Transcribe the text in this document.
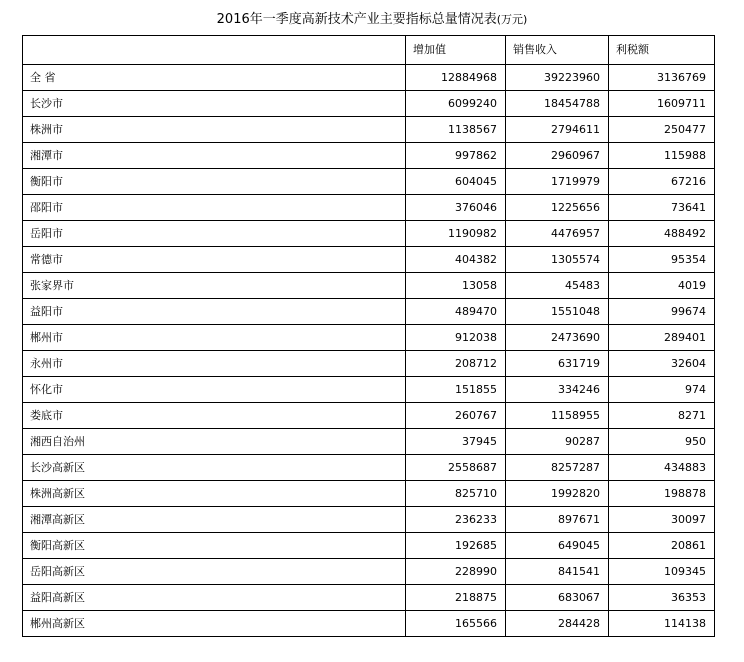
2016年一季度高新技术产业主要指标总量情况表(万元)
	增加值	销售收入	利税额
全 省	12884968	39223960	3136769
长沙市	6099240	18454788	1609711
株洲市	1138567	2794611	250477
湘潭市	997862	2960967	115988
衡阳市	604045	1719979	67216
邵阳市	376046	1225656	73641
岳阳市	1190982	4476957	488492
常德市	404382	1305574	95354
张家界市	13058	45483	4019
益阳市	489470	1551048	99674
郴州市	912038	2473690	289401
永州市	208712	631719	32604
怀化市	151855	334246	974
娄底市	260767	1158955	8271
湘西自治州	37945	90287	950
长沙高新区	2558687	8257287	434883
株洲高新区	825710	1992820	198878
湘潭高新区	236233	897671	30097
衡阳高新区	192685	649045	20861
岳阳高新区	228990	841541	109345
益阳高新区	218875	683067	36353
郴州高新区	165566	284428	114138
